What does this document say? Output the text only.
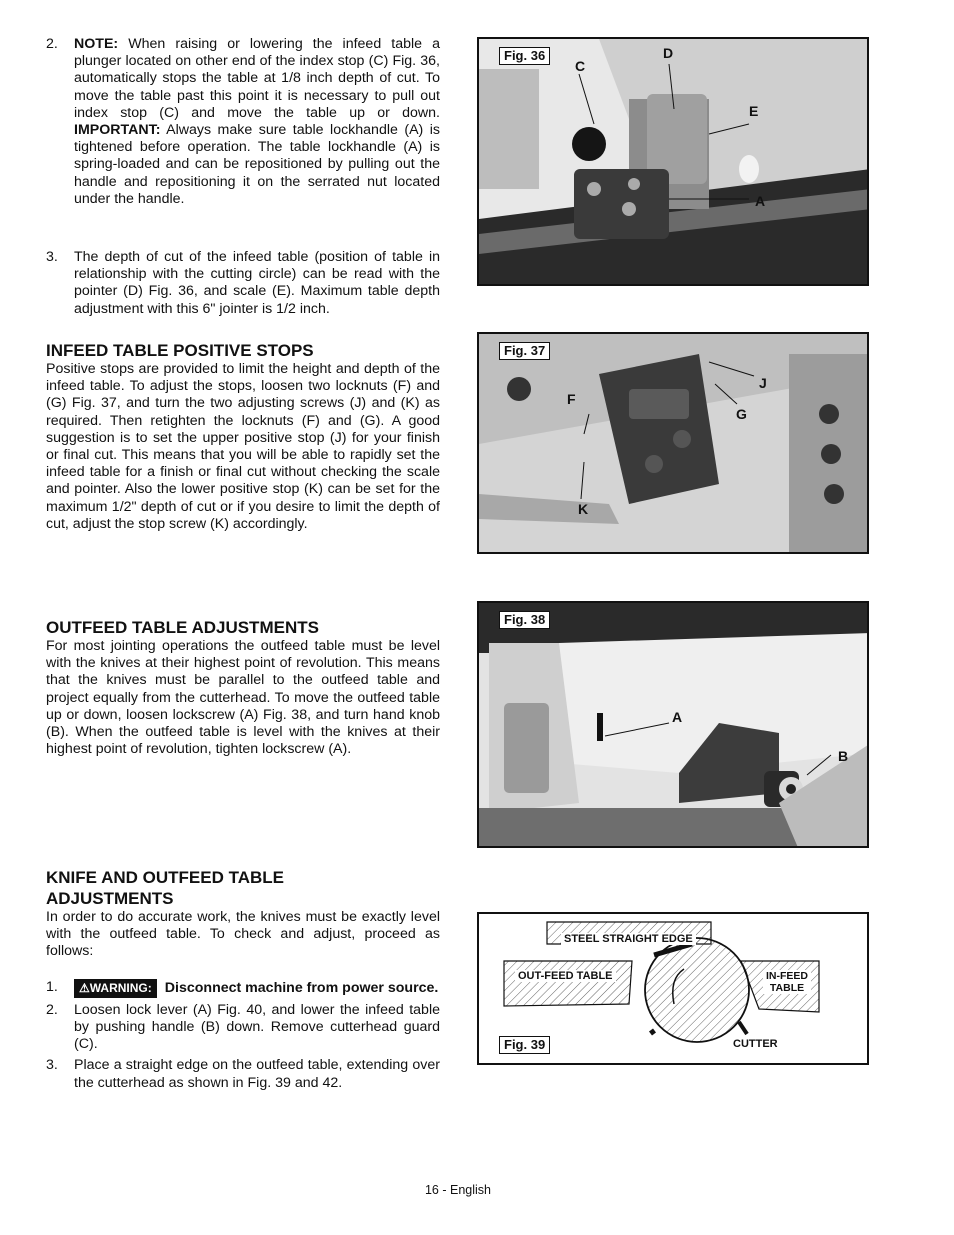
2. NOTE: When raising or lowering the infeed table a plunger located on other end of the index stop (C) Fig. 36, automatically stops the table at 1/8 inch depth of cut. To move the table past this point it is necessary to pull out index stop (C) and move the table up or down. IMPORTANT: Always make sure table lockhandle (A) is tightened before operation. The table lockhandle (A) is spring-loaded and can be repositioned by pulling out the handle and repositioning it on the serrated nut located under the handle.
3. The depth of cut of the infeed table (position of table in relationship with the cutting circle) can be read with the pointer (D) Fig. 36, and scale (E). Maximum table depth adjustment with this 6" jointer is 1/2 inch.

INFEED TABLE POSITIVE STOPS

Positive stops are provided to limit the height and depth of the infeed table. To adjust the stops, loosen two locknuts (F) and (G) Fig. 37, and turn the two adjusting screws (J) and (K) as required. Then retighten the locknuts (F) and (G). A good suggestion is to set the upper positive stop (J) for your finish or final cut. This means that you will be able to rapidly set the infeed table for a finish or final cut without checking the scale and pointer. Also the lower positive stop (K) can be set for the maximum 1/2" depth of cut or if you desire to limit the depth of cut, adjust the stop screw (K) accordingly.

OUTFEED TABLE ADJUSTMENTS

For most jointing operations the outfeed table must be level with the knives at their highest point of revolution. This means that the knives must be parallel to the outfeed table and project equally from the cutterhead. To move the outfeed table up or down, loosen lockscrew (A) Fig. 38, and turn hand knob (B). When the outfeed table is level with the knives at their highest point of revolution, tighten lockscrew (A).

KNIFE AND OUTFEED TABLE
ADJUSTMENTS

In order to do accurate work, the knives must be exactly level with the outfeed table. To check and adjust, proceed as follows:
1. ⚠WARNING: Disconnect machine from power source.
2. Loosen lock lever (A) Fig. 40, and lower the infeed table by pushing handle (B) down. Remove cutterhead guard (C).
3. Place a straight edge on the outfeed table, extending over the cutterhead as shown in Fig. 39 and 42.
Fig. 36
C
D
E
A
Fig. 37
F
J
G
K
Fig. 38
A
B
STEEL STRAIGHT EDGE
OUT-FEED TABLE	IN-FEED
TABLE
CUTTER
Fig. 39
16 - English
